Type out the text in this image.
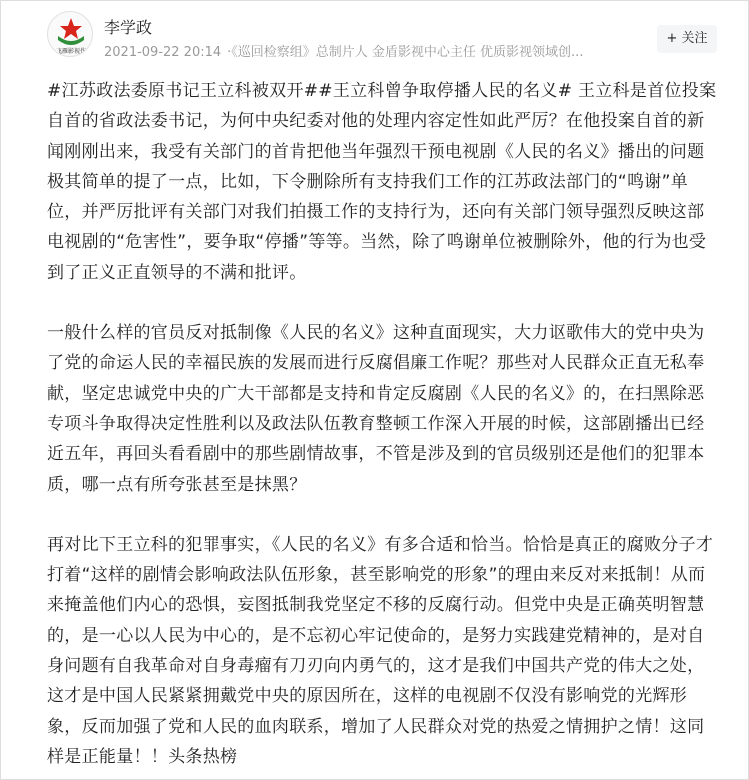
飞雁影视作
李学政
2021-09-22 20:14 ·《巡回检察组》总制片人 金盾影视中心主任 优质影视领域创...
+ 关注

#江苏政法委原书记王立科被双开##王立科曾争取停播人民的名义# 王立科是首位投案自首的省政法委书记，为何中央纪委对他的处理内容定性如此严厉？在他投案自首的新闻刚刚出来，我受有关部门的首肯把他当年强烈干预电视剧《人民的名义》播出的问题极其简单的提了一点，比如，下令删除所有支持我们工作的江苏政法部门的“鸣谢”单位，并严厉批评有关部门对我们拍摄工作的支持行为，还向有关部门领导强烈反映这部电视剧的“危害性”，要争取“停播”等等。当然，除了鸣谢单位被删除外，他的行为也受到了正义正直领导的不满和批评。

一般什么样的官员反对抵制像《人民的名义》这种直面现实，大力讴歌伟大的党中央为了党的命运人民的幸福民族的发展而进行反腐倡廉工作呢？那些对人民群众正直无私奉献，坚定忠诚党中央的广大干部都是支持和肯定反腐剧《人民的名义》的，在扫黑除恶专项斗争取得决定性胜利以及政法队伍教育整顿工作深入开展的时候，这部剧播出已经近五年，再回头看看剧中的那些剧情故事，不管是涉及到的官员级别还是他们的犯罪本质，哪一点有所夸张甚至是抹黑？

再对比下王立科的犯罪事实，《人民的名义》有多合适和恰当。恰恰是真正的腐败分子才打着“这样的剧情会影响政法队伍形象，甚至影响党的形象”的理由来反对来抵制！从而来掩盖他们内心的恐惧，妄图抵制我党坚定不移的反腐行动。但党中央是正确英明智慧的，是一心以人民为中心的，是不忘初心牢记使命的，是努力实践建党精神的，是对自身问题有自我革命对自身毒瘤有刀刃向内勇气的，这才是我们中国共产党的伟大之处，这才是中国人民紧紧拥戴党中央的原因所在，这样的电视剧不仅没有影响党的光辉形象，反而加强了党和人民的血肉联系，增加了人民群众对党的热爱之情拥护之情！这同样是正能量！！头条热榜
